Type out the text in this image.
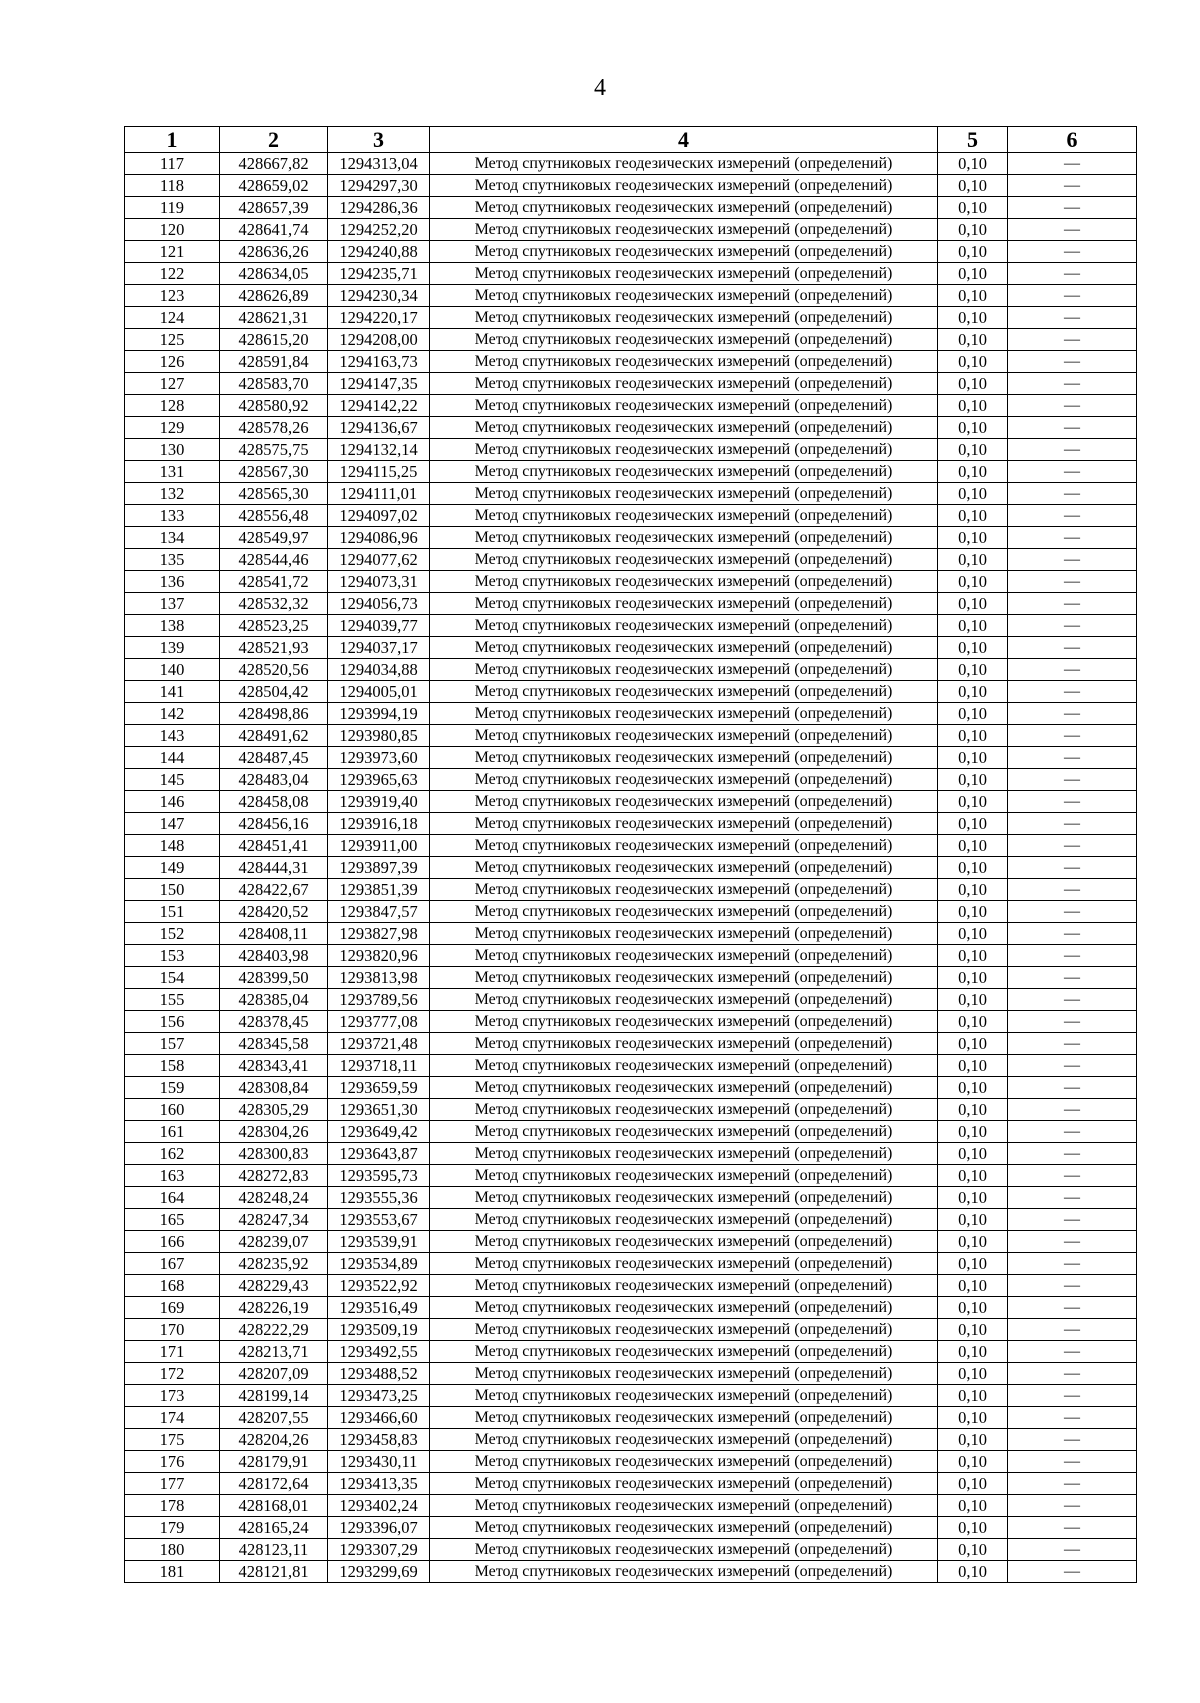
4
1	2	3	4	5	6
117	428667,82	1294313,04	Метод спутниковых геодезических измерений (определений)	0,10	—
118	428659,02	1294297,30	Метод спутниковых геодезических измерений (определений)	0,10	—
119	428657,39	1294286,36	Метод спутниковых геодезических измерений (определений)	0,10	—
120	428641,74	1294252,20	Метод спутниковых геодезических измерений (определений)	0,10	—
121	428636,26	1294240,88	Метод спутниковых геодезических измерений (определений)	0,10	—
122	428634,05	1294235,71	Метод спутниковых геодезических измерений (определений)	0,10	—
123	428626,89	1294230,34	Метод спутниковых геодезических измерений (определений)	0,10	—
124	428621,31	1294220,17	Метод спутниковых геодезических измерений (определений)	0,10	—
125	428615,20	1294208,00	Метод спутниковых геодезических измерений (определений)	0,10	—
126	428591,84	1294163,73	Метод спутниковых геодезических измерений (определений)	0,10	—
127	428583,70	1294147,35	Метод спутниковых геодезических измерений (определений)	0,10	—
128	428580,92	1294142,22	Метод спутниковых геодезических измерений (определений)	0,10	—
129	428578,26	1294136,67	Метод спутниковых геодезических измерений (определений)	0,10	—
130	428575,75	1294132,14	Метод спутниковых геодезических измерений (определений)	0,10	—
131	428567,30	1294115,25	Метод спутниковых геодезических измерений (определений)	0,10	—
132	428565,30	1294111,01	Метод спутниковых геодезических измерений (определений)	0,10	—
133	428556,48	1294097,02	Метод спутниковых геодезических измерений (определений)	0,10	—
134	428549,97	1294086,96	Метод спутниковых геодезических измерений (определений)	0,10	—
135	428544,46	1294077,62	Метод спутниковых геодезических измерений (определений)	0,10	—
136	428541,72	1294073,31	Метод спутниковых геодезических измерений (определений)	0,10	—
137	428532,32	1294056,73	Метод спутниковых геодезических измерений (определений)	0,10	—
138	428523,25	1294039,77	Метод спутниковых геодезических измерений (определений)	0,10	—
139	428521,93	1294037,17	Метод спутниковых геодезических измерений (определений)	0,10	—
140	428520,56	1294034,88	Метод спутниковых геодезических измерений (определений)	0,10	—
141	428504,42	1294005,01	Метод спутниковых геодезических измерений (определений)	0,10	—
142	428498,86	1293994,19	Метод спутниковых геодезических измерений (определений)	0,10	—
143	428491,62	1293980,85	Метод спутниковых геодезических измерений (определений)	0,10	—
144	428487,45	1293973,60	Метод спутниковых геодезических измерений (определений)	0,10	—
145	428483,04	1293965,63	Метод спутниковых геодезических измерений (определений)	0,10	—
146	428458,08	1293919,40	Метод спутниковых геодезических измерений (определений)	0,10	—
147	428456,16	1293916,18	Метод спутниковых геодезических измерений (определений)	0,10	—
148	428451,41	1293911,00	Метод спутниковых геодезических измерений (определений)	0,10	—
149	428444,31	1293897,39	Метод спутниковых геодезических измерений (определений)	0,10	—
150	428422,67	1293851,39	Метод спутниковых геодезических измерений (определений)	0,10	—
151	428420,52	1293847,57	Метод спутниковых геодезических измерений (определений)	0,10	—
152	428408,11	1293827,98	Метод спутниковых геодезических измерений (определений)	0,10	—
153	428403,98	1293820,96	Метод спутниковых геодезических измерений (определений)	0,10	—
154	428399,50	1293813,98	Метод спутниковых геодезических измерений (определений)	0,10	—
155	428385,04	1293789,56	Метод спутниковых геодезических измерений (определений)	0,10	—
156	428378,45	1293777,08	Метод спутниковых геодезических измерений (определений)	0,10	—
157	428345,58	1293721,48	Метод спутниковых геодезических измерений (определений)	0,10	—
158	428343,41	1293718,11	Метод спутниковых геодезических измерений (определений)	0,10	—
159	428308,84	1293659,59	Метод спутниковых геодезических измерений (определений)	0,10	—
160	428305,29	1293651,30	Метод спутниковых геодезических измерений (определений)	0,10	—
161	428304,26	1293649,42	Метод спутниковых геодезических измерений (определений)	0,10	—
162	428300,83	1293643,87	Метод спутниковых геодезических измерений (определений)	0,10	—
163	428272,83	1293595,73	Метод спутниковых геодезических измерений (определений)	0,10	—
164	428248,24	1293555,36	Метод спутниковых геодезических измерений (определений)	0,10	—
165	428247,34	1293553,67	Метод спутниковых геодезических измерений (определений)	0,10	—
166	428239,07	1293539,91	Метод спутниковых геодезических измерений (определений)	0,10	—
167	428235,92	1293534,89	Метод спутниковых геодезических измерений (определений)	0,10	—
168	428229,43	1293522,92	Метод спутниковых геодезических измерений (определений)	0,10	—
169	428226,19	1293516,49	Метод спутниковых геодезических измерений (определений)	0,10	—
170	428222,29	1293509,19	Метод спутниковых геодезических измерений (определений)	0,10	—
171	428213,71	1293492,55	Метод спутниковых геодезических измерений (определений)	0,10	—
172	428207,09	1293488,52	Метод спутниковых геодезических измерений (определений)	0,10	—
173	428199,14	1293473,25	Метод спутниковых геодезических измерений (определений)	0,10	—
174	428207,55	1293466,60	Метод спутниковых геодезических измерений (определений)	0,10	—
175	428204,26	1293458,83	Метод спутниковых геодезических измерений (определений)	0,10	—
176	428179,91	1293430,11	Метод спутниковых геодезических измерений (определений)	0,10	—
177	428172,64	1293413,35	Метод спутниковых геодезических измерений (определений)	0,10	—
178	428168,01	1293402,24	Метод спутниковых геодезических измерений (определений)	0,10	—
179	428165,24	1293396,07	Метод спутниковых геодезических измерений (определений)	0,10	—
180	428123,11	1293307,29	Метод спутниковых геодезических измерений (определений)	0,10	—
181	428121,81	1293299,69	Метод спутниковых геодезических измерений (определений)	0,10	—
